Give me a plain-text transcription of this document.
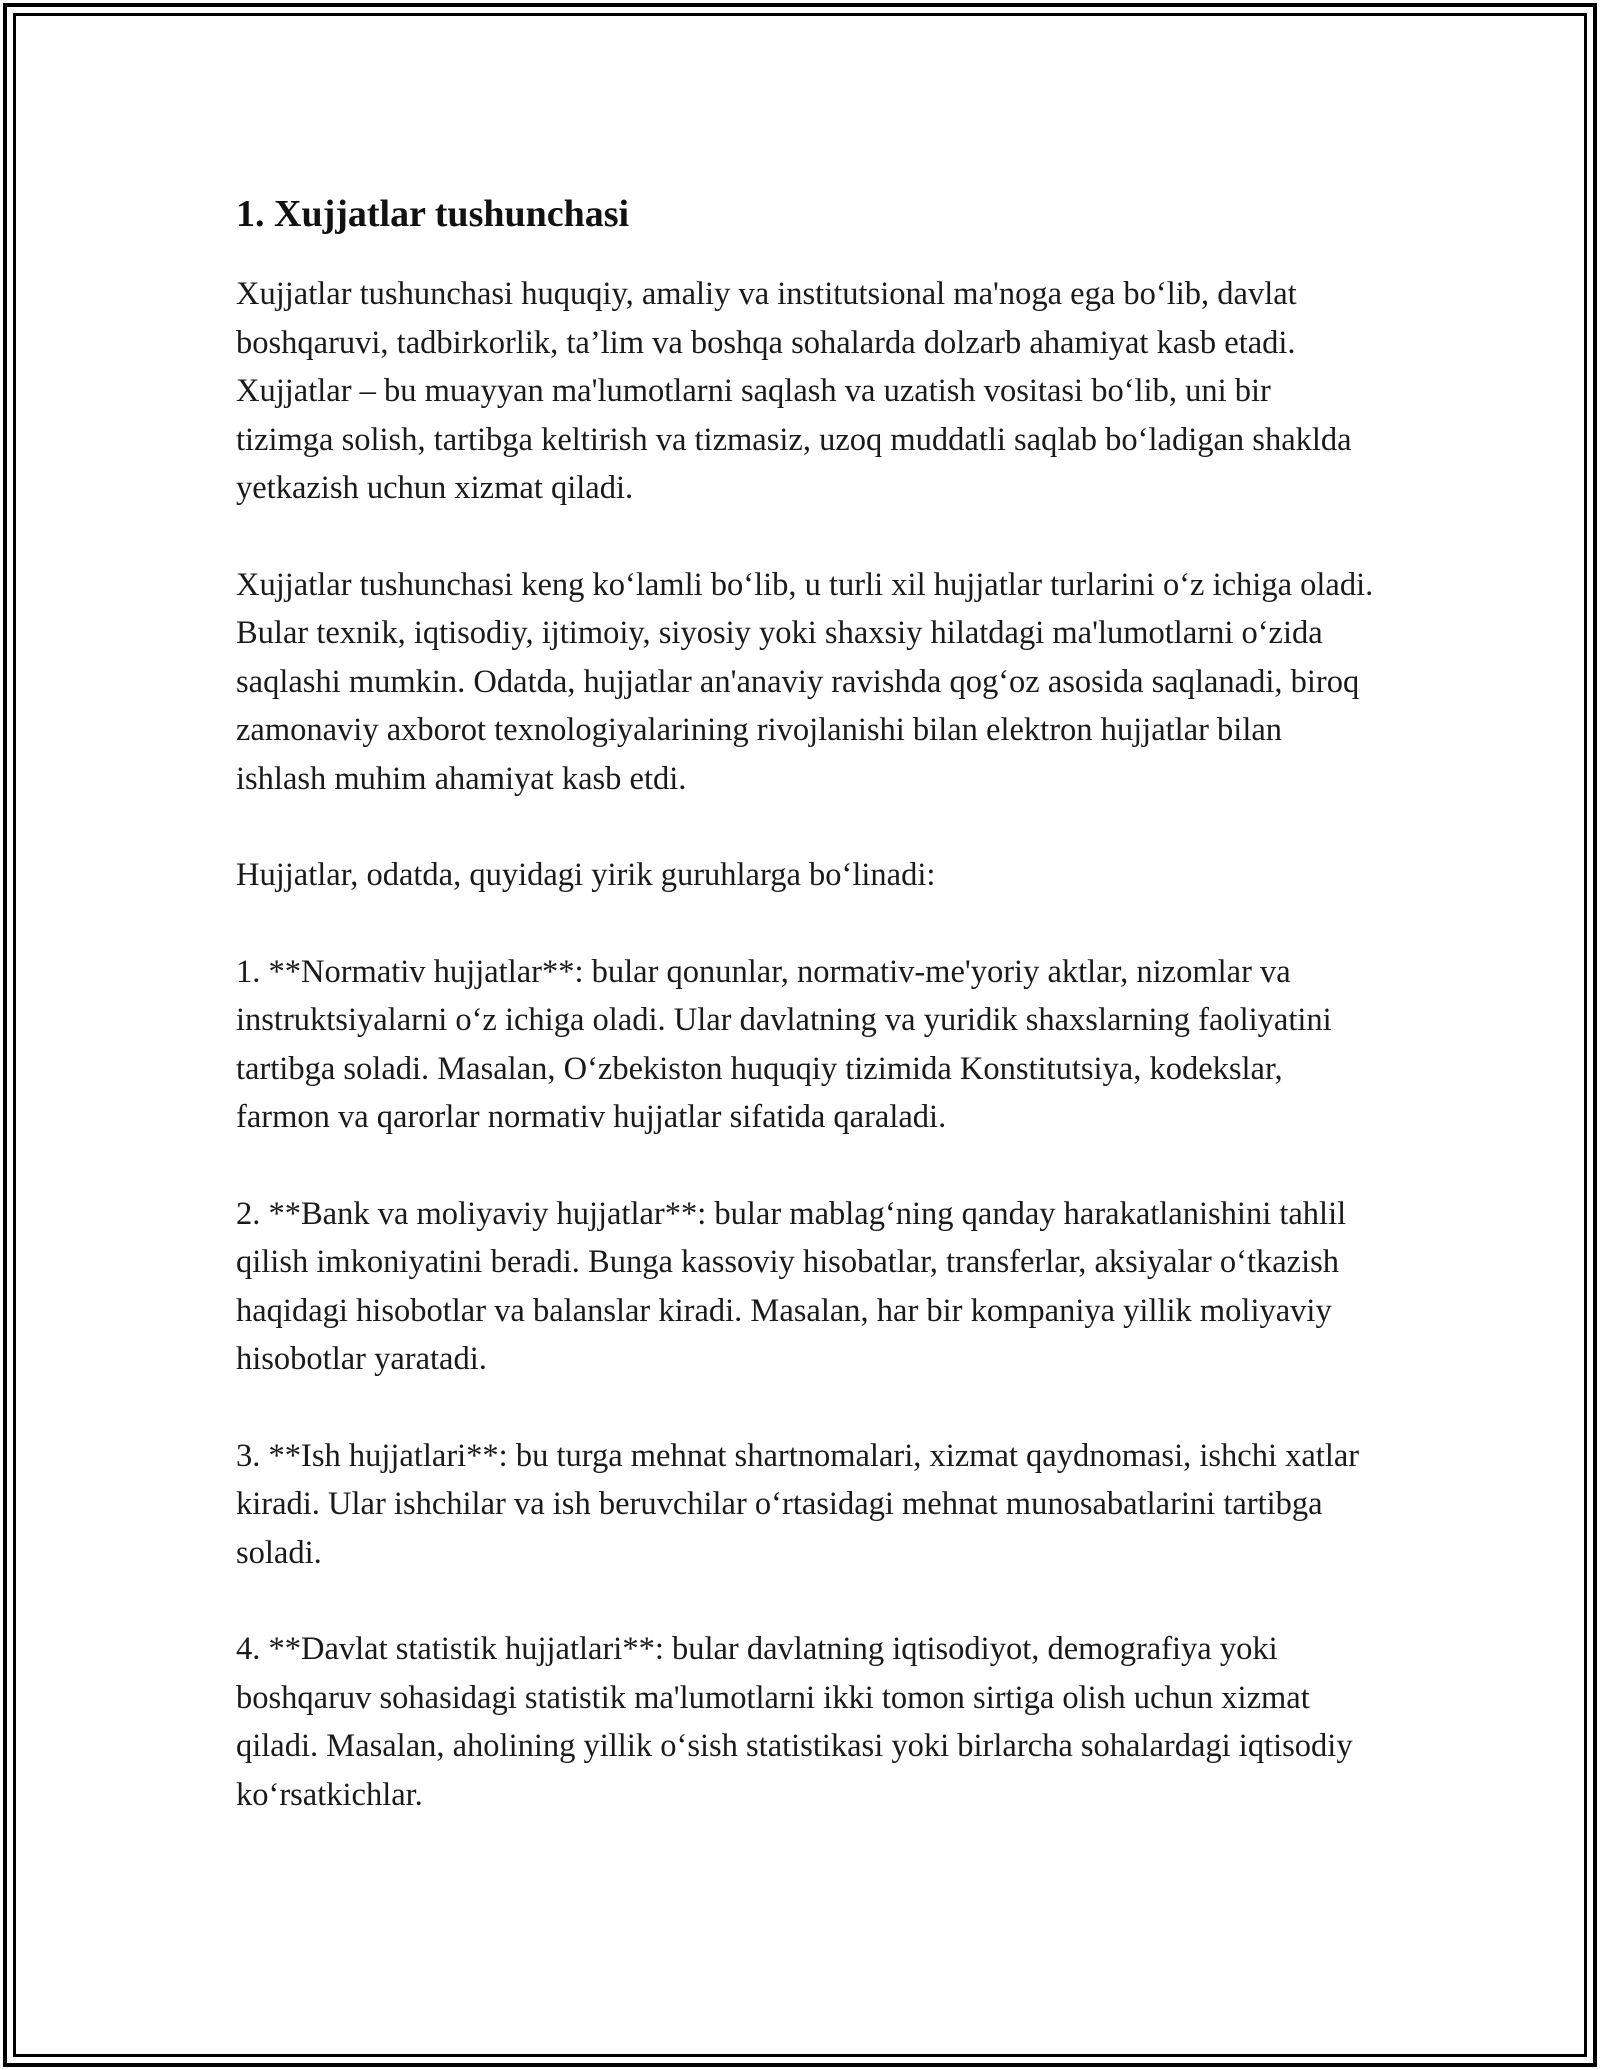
1. Xujjatlar tushunchasi

Xujjatlar tushunchasi huquqiy, amaliy va institutsional ma'noga ega bo‘lib, davlat boshqaruvi, tadbirkorlik, ta’lim va boshqa sohalarda dolzarb ahamiyat kasb etadi. Xujjatlar – bu muayyan ma'lumotlarni saqlash va uzatish vositasi bo‘lib, uni bir tizimga solish, tartibga keltirish va tizmasiz, uzoq muddatli saqlab bo‘ladigan shakldа yetkazish uchun xizmat qiladi.

Xujjatlar tushunchasi keng ko‘lamli bo‘lib, u turli xil hujjatlar turlarini o‘z ichiga oladi. Bular texnik, iqtisodiy, ijtimoiy, siyosiy yoki shaxsiy hilatdagi ma'lumotlarni o‘zida saqlashi mumkin. Odatda, hujjatlar an'anaviy ravishda qog‘oz asosida saqlanadi, biroq zamonaviy axborot texnologiyalarining rivojlanishi bilan elektron hujjatlar bilan ishlash muhim ahamiyat kasb etdi.

Hujjatlar, odatda, quyidagi yirik guruhlarga bo‘linadi:

1. **Normativ hujjatlar**: bular qonunlar, normativ-me'yoriy aktlar, nizomlar va instruktsiyalarni o‘z ichiga oladi. Ular davlatning va yuridik shaxslarning faoliyatini tartibga soladi. Masalan, O‘zbekiston huquqiy tizimida Konstitutsiya, kodekslar, farmon va qarorlar normativ hujjatlar sifatida qaraladi.

2. **Bank va moliyaviy hujjatlar**: bular mablag‘ning qanday harakatlanishini tahlil qilish imkoniyatini beradi. Bunga kassoviy hisobatlar, transferlar, aksiyalar o‘tkazish haqidagi hisobotlar va balanslar kiradi. Masalan, har bir kompaniya yillik moliyaviy hisobotlar yaratadi.

3. **Ish hujjatlari**: bu turga mehnat shartnomalari, xizmat qaydnomasi, ishchi xatlar kiradi. Ular ishchilar va ish beruvchilar o‘rtasidagi mehnat munosabatlarini tartibga soladi.

4. **Davlat statistik hujjatlari**: bular davlatning iqtisodiyot, demografiya yoki boshqaruv sohasidagi statistik ma'lumotlarni ikki tomon sirtiga olish uchun xizmat qiladi. Masalan, aholining yillik o‘sish statistikasi yoki birlarcha sohalardagi iqtisodiy ko‘rsatkichlar.
